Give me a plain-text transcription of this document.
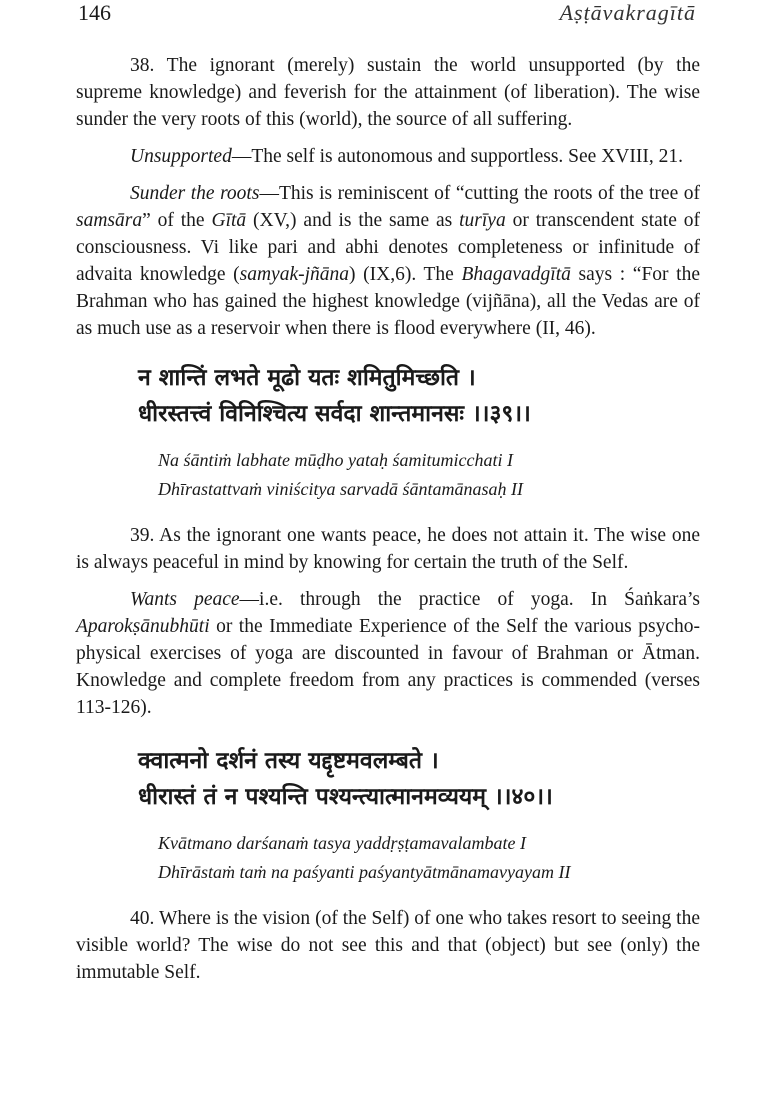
146	Aṣṭāvakragītā

38. The ignorant (merely) sustain the world unsupported (by the supreme knowledge) and feverish for the attainment (of liberation). The wise sunder the very roots of this (world), the source of all suffering.

Unsupported—The self is autonomous and supportless. See XVIII, 21.

Sunder the roots—This is reminiscent of “cutting the roots of the tree of samsāra” of the Gītā (XV,) and is the same as turīya or transcendent state of consciousness. Vi like pari and abhi denotes completeness or infinitude of advaita knowledge (samyak-jñāna) (IX,6). The Bhagavadgītā says : “For the Brahman who has gained the highest knowledge (vijñāna), all the Vedas are of as much use as a reservoir when there is flood everywhere (II, 46).

न शान्तिं लभते मूढो यतः शमितुमिच्छति ।
धीरस्तत्त्वं विनिश्चित्य सर्वदा शान्तमानसः ।।३९।।
Na śāntiṁ labhate mūḍho yataḥ śamitumicchati I
Dhīrastattvaṁ viniścitya sarvadā śāntamānasaḥ II

39. As the ignorant one wants peace, he does not attain it. The wise one is always peaceful in mind by knowing for certain the truth of the Self.

Wants peace—i.e. through the practice of yoga. In Śaṅkara’s Aparokṣānubhūti or the Immediate Experience of the Self the various psycho-physical exercises of yoga are discounted in favour of Brahman or Ātman. Knowledge and complete freedom from any practices is commended (verses 113-126).

क्वात्मनो दर्शनं तस्य यद्दृष्टमवलम्बते ।
धीरास्तं तं न पश्यन्ति पश्यन्त्यात्मानमव्ययम् ।।४०।।
Kvātmano darśanaṁ tasya yaddṛṣṭamavalambate I
Dhīrāstaṁ taṁ na paśyanti paśyantyātmānamavyayam II

40. Where is the vision (of the Self) of one who takes resort to seeing the visible world? The wise do not see this and that (object) but see (only) the immutable Self.
